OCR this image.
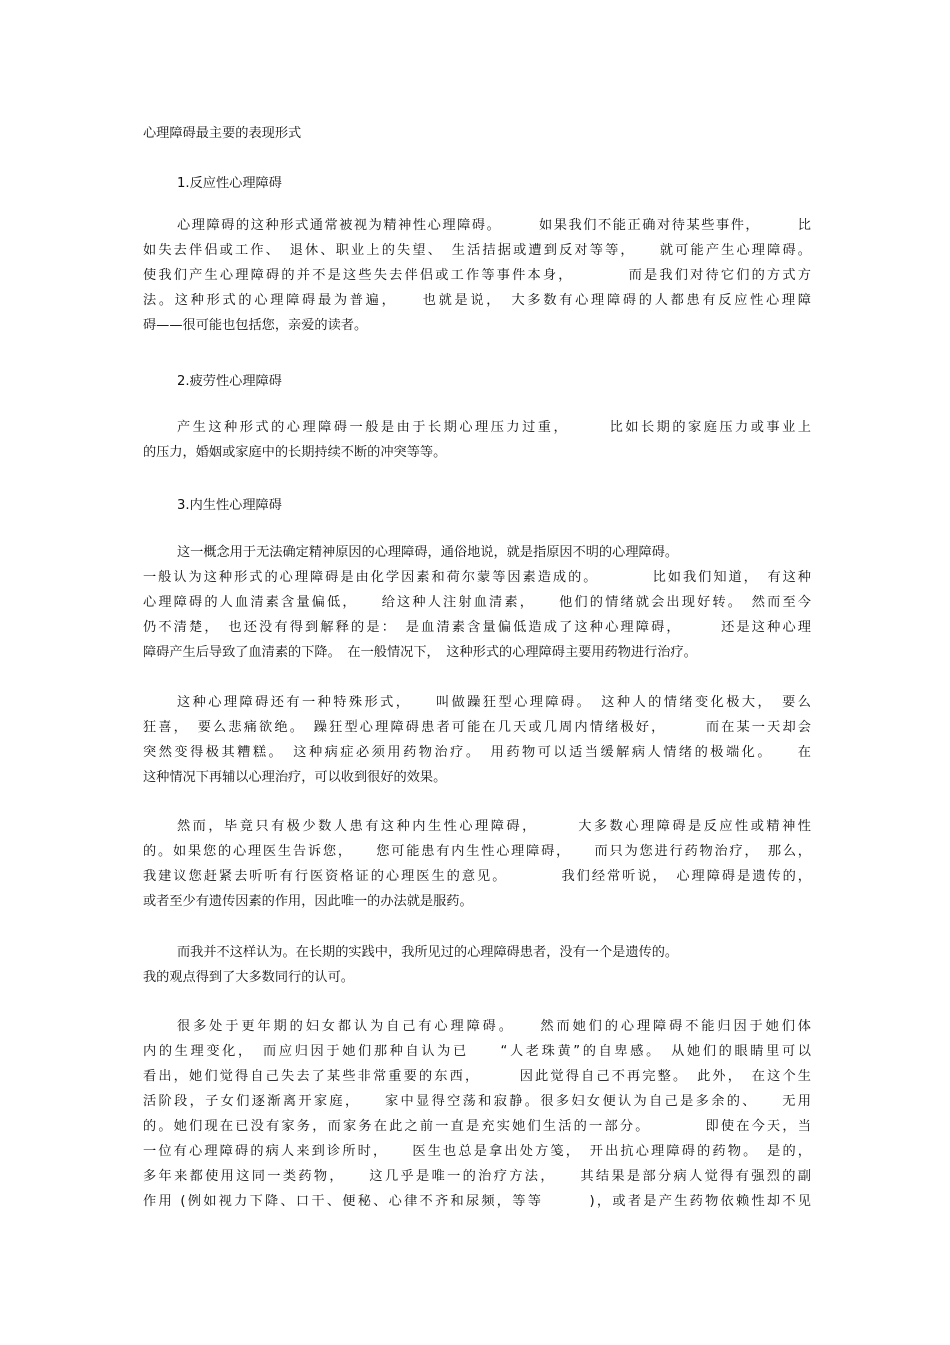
心理障碍最主要的表现形式
1.反应性心理障碍
心理障碍的这种形式通常被视为精神性心理障碍。　　　如果我们不能正确对待某些事件，　　　比
如失去伴侣或工作、　退休、职业上的失望、　生活拮据或遭到反对等等，　　就可能产生心理障碍。
使我们产生心理障碍的并不是这些失去伴侣或工作等事件本身，　　　　而是我们对待它们的方式方
法。这种形式的心理障碍最为普遍，　　也就是说，　大多数有心理障碍的人都患有反应性心理障
碍——很可能也包括您，亲爱的读者。
2.疲劳性心理障碍
产生这种形式的心理障碍一般是由于长期心理压力过重，　　　比如长期的家庭压力或事业上
的压力，婚姻或家庭中的长期持续不断的冲突等等。
3.内生性心理障碍
这一概念用于无法确定精神原因的心理障碍，通俗地说，就是指原因不明的心理障碍。
一般认为这种形式的心理障碍是由化学因素和荷尔蒙等因素造成的。　　　　比如我们知道，　有这种
心理障碍的人血清素含量偏低，　　给这种人注射血清素，　　他们的情绪就会出现好转。　然而至今
仍不清楚，　也还没有得到解释的是：　是血清素含量偏低造成了这种心理障碍，　　　还是这种心理
障碍产生后导致了血清素的下降。　在一般情况下，　这种形式的心理障碍主要用药物进行治疗。
这种心理障碍还有一种特殊形式，　　叫做躁狂型心理障碍。　这种人的情绪变化极大，　要么
狂喜，　要么悲痛欲绝。　躁狂型心理障碍患者可能在几天或几周内情绪极好，　　　而在某一天却会
突然变得极其糟糕。　这种病症必须用药物治疗。　用药物可以适当缓解病人情绪的极端化。　　在
这种情况下再辅以心理治疗，可以收到很好的效果。
然而，毕竟只有极少数人患有这种内生性心理障碍，　　　大多数心理障碍是反应性或精神性
的。如果您的心理医生告诉您，　　您可能患有内生性心理障碍，　　而只为您进行药物治疗，　那么，
我建议您赶紧去听听有行医资格证的心理医生的意见。　　　　我们经常听说，　心理障碍是遗传的，
或者至少有遗传因素的作用，因此唯一的办法就是服药。
而我并不这样认为。在长期的实践中，我所见过的心理障碍患者，没有一个是遗传的。
我的观点得到了大多数同行的认可。
很多处于更年期的妇女都认为自己有心理障碍。　　然而她们的心理障碍不能归因于她们体
内的生理变化，　而应归因于她们那种自认为已　　“人老珠黄”的自卑感。　从她们的眼睛里可以
看出，她们觉得自己失去了某些非常重要的东西，　　　因此觉得自己不再完整。　此外，　在这个生
活阶段，子女们逐渐离开家庭，　　家中显得空荡和寂静。很多妇女便认为自己是多余的、　　无用
的。她们现在已没有家务，而家务在此之前一直是充实她们生活的一部分。　　　　即使在今天，当
一位有心理障碍的病人来到诊所时，　　医生也总是拿出处方笺，　开出抗心理障碍的药物。　是的，
多年来都使用这同一类药物，　　这几乎是唯一的治疗方法，　　其结果是部分病人觉得有强烈的副
作用 (例如视力下降、口干、便秘、心律不齐和尿频，等等　　　)，或者是产生药物依赖性却不见
